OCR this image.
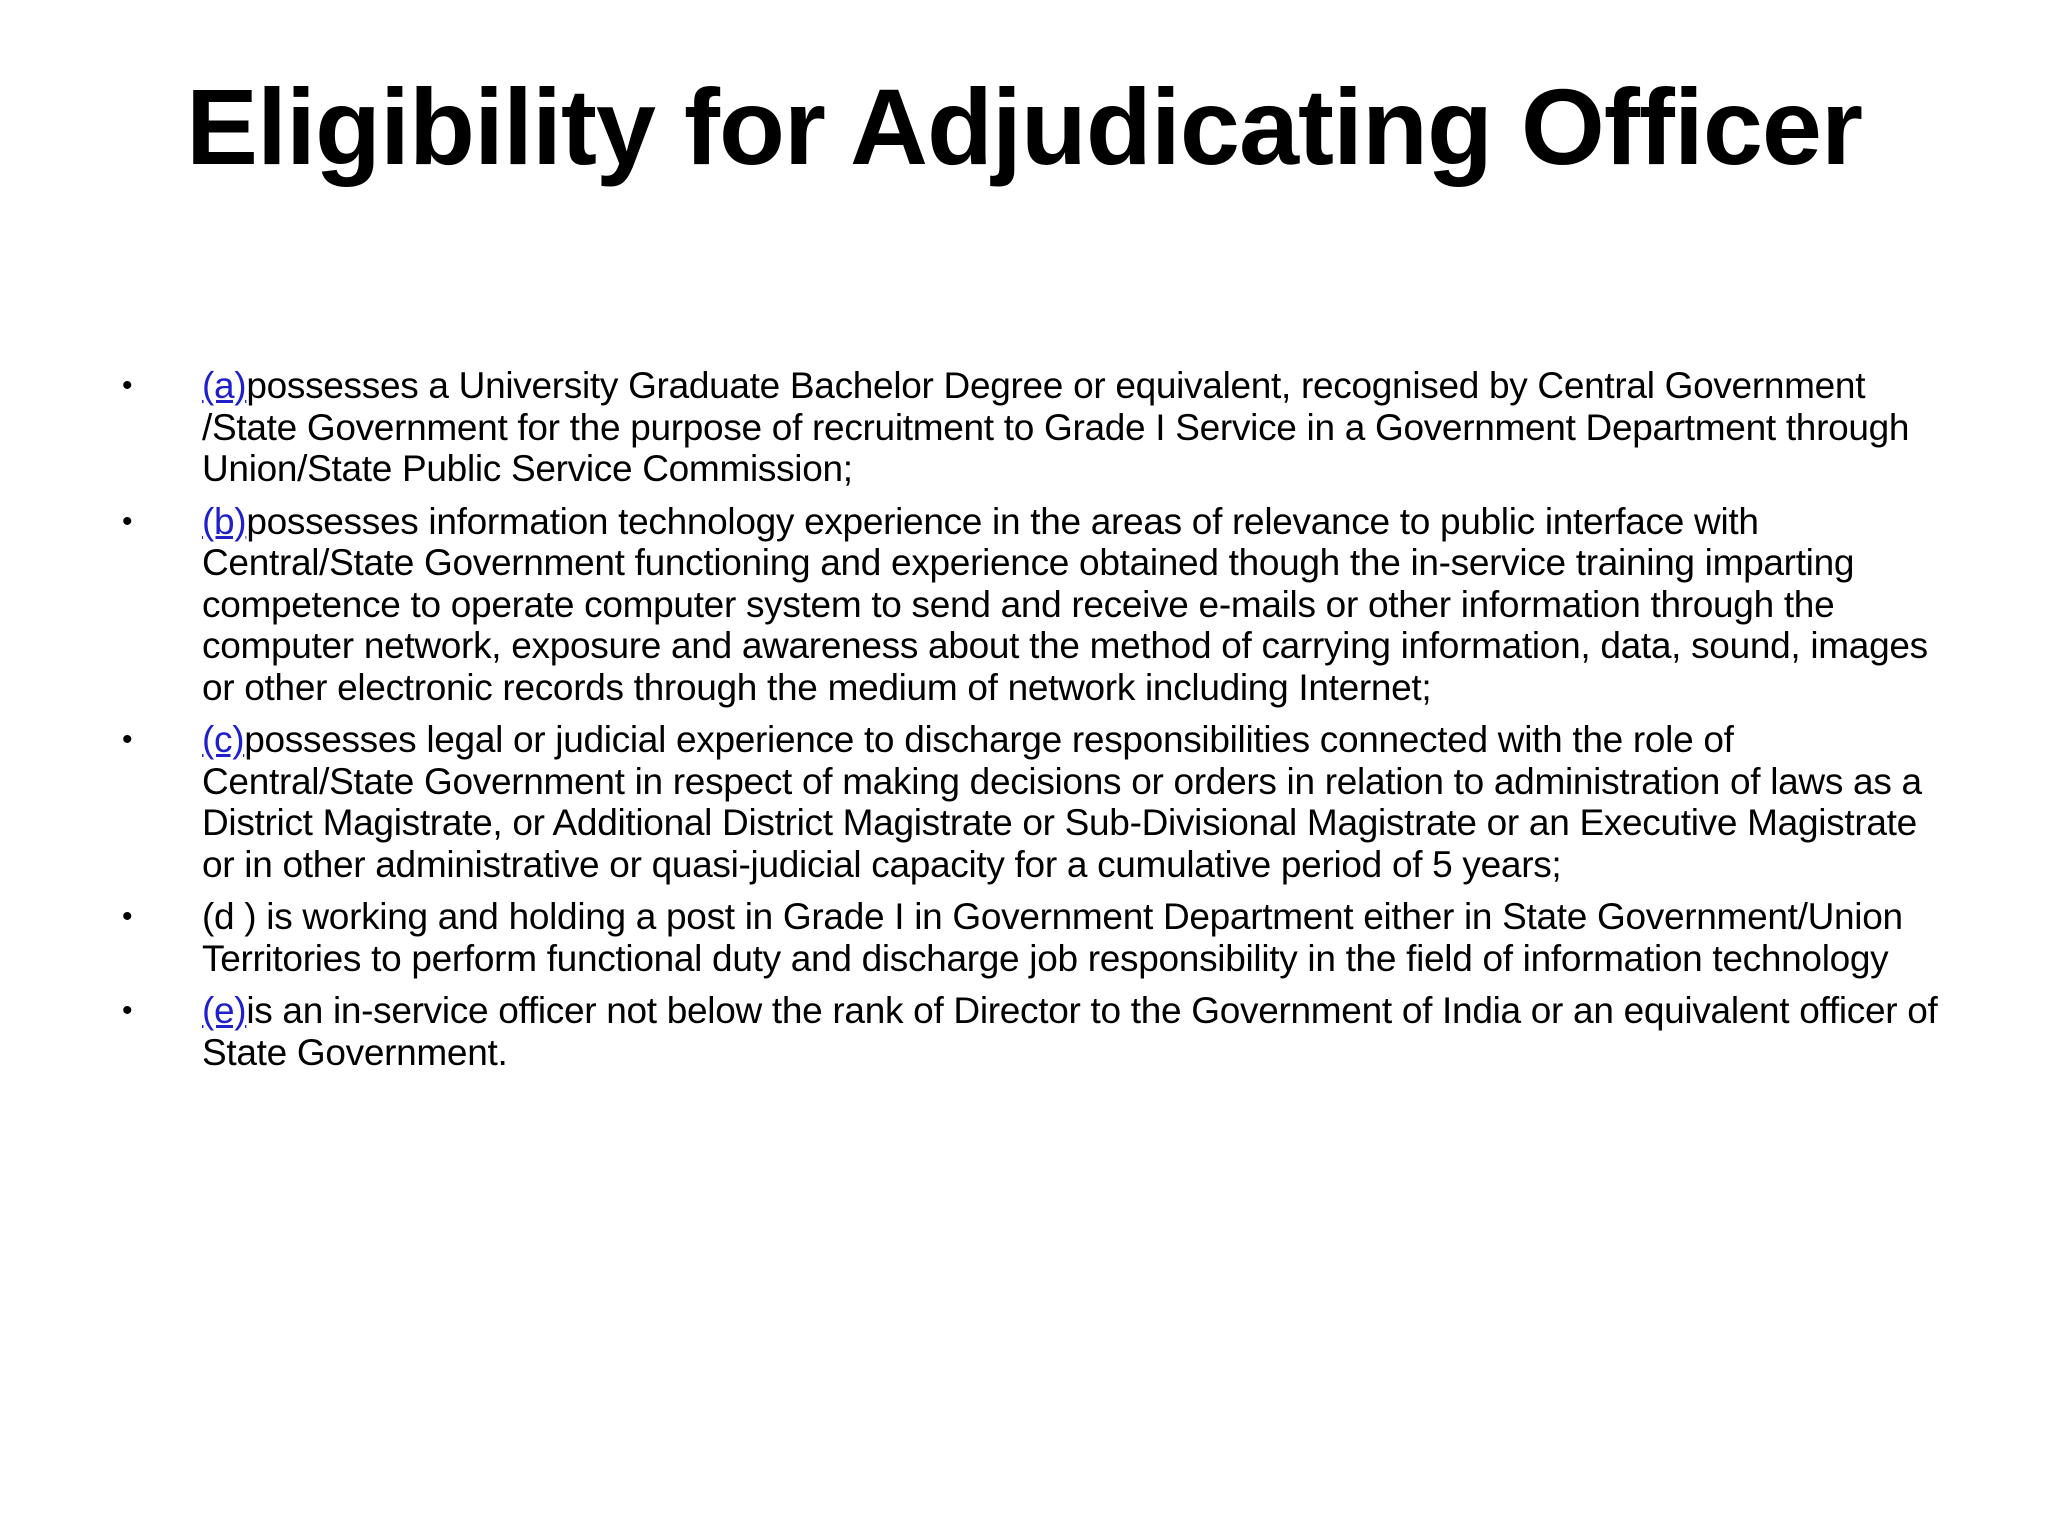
Eligibility for Adjudicating Officer
• (a)possesses a University Graduate Bachelor Degree or equivalent, recognised by Central Government /State Government for the purpose of recruitment to Grade I Service in a Government Department through Union/State Public Service Commission;
• (b)possesses information technology experience in the areas of relevance to public interface with Central/State Government functioning and experience obtained though the in-service training imparting competence to operate computer system to send and receive e-mails or other information through the computer network, exposure and awareness about the method of carrying information, data, sound, images or other electronic records through the medium of network including Internet;
• (c)possesses legal or judicial experience to discharge responsibilities connected with the role of Central/State Government in respect of making decisions or orders in relation to administration of laws as a District Magistrate, or Additional District Magistrate or Sub-Divisional Magistrate or an Executive Magistrate or in other administrative or quasi-judicial capacity for a cumulative period of 5 years;
• (d ) is working and holding a post in Grade I in Government Department either in State Government/Union Territories to perform functional duty and discharge job responsibility in the field of information technology
• (e)is an in-service officer not below the rank of Director to the Government of India or an equivalent officer of State Government.
